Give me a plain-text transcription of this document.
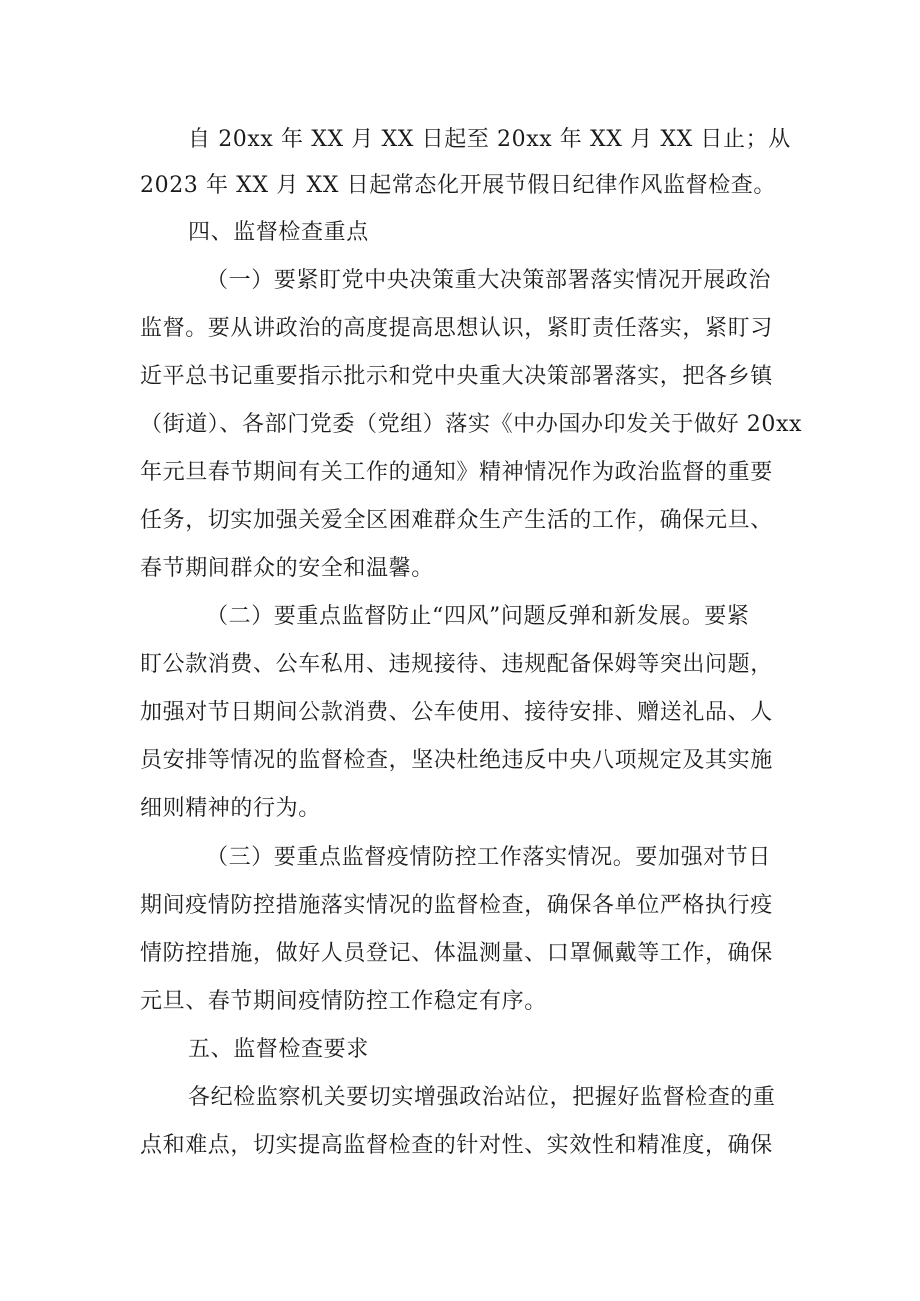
自 20xx 年 XX 月 XX 日起至 20xx 年 XX 月 XX 日止；从
2023 年 XX 月 XX 日起常态化开展节假日纪律作风监督检查。
四、监督检查重点
（一）要紧盯党中央决策重大决策部署落实情况开展政治
监督。要从讲政治的高度提高思想认识，紧盯责任落实，紧盯习
近平总书记重要指示批示和党中央重大决策部署落实，把各乡镇
（街道）、各部门党委（党组）落实《中办国办印发关于做好 20xx
年元旦春节期间有关工作的通知》精神情况作为政治监督的重要
任务，切实加强关爱全区困难群众生产生活的工作，确保元旦、
春节期间群众的安全和温馨。
（二）要重点监督防止“四风”问题反弹和新发展。要紧
盯公款消费、公车私用、违规接待、违规配备保姆等突出问题，
加强对节日期间公款消费、公车使用、接待安排、赠送礼品、人
员安排等情况的监督检查，坚决杜绝违反中央八项规定及其实施
细则精神的行为。
（三）要重点监督疫情防控工作落实情况。要加强对节日
期间疫情防控措施落实情况的监督检查，确保各单位严格执行疫
情防控措施，做好人员登记、体温测量、口罩佩戴等工作，确保
元旦、春节期间疫情防控工作稳定有序。
五、监督检查要求
各纪检监察机关要切实增强政治站位，把握好监督检查的重
点和难点，切实提高监督检查的针对性、实效性和精准度，确保
